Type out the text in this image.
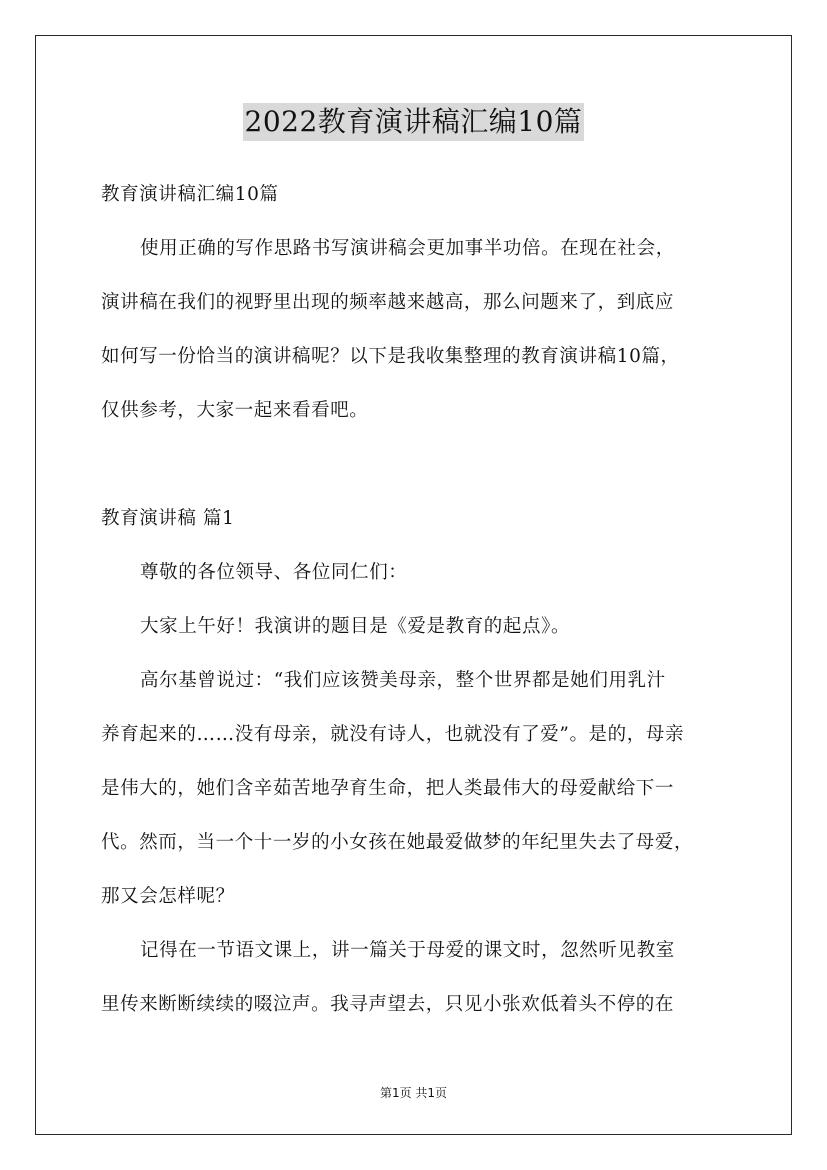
2022教育演讲稿汇编10篇
教育演讲稿汇编10篇
使用正确的写作思路书写演讲稿会更加事半功倍。在现在社会，
演讲稿在我们的视野里出现的频率越来越高，那么问题来了，到底应
如何写一份恰当的演讲稿呢？以下是我收集整理的教育演讲稿10篇，
仅供参考，大家一起来看看吧。
教育演讲稿 篇1
尊敬的各位领导、各位同仁们：
大家上午好！我演讲的题目是《爱是教育的起点》。
高尔基曾说过：“我们应该赞美母亲，整个世界都是她们用乳汁
养育起来的……没有母亲，就没有诗人，也就没有了爱”。是的，母亲
是伟大的，她们含辛茹苦地孕育生命，把人类最伟大的母爱献给下一
代。然而，当一个十一岁的小女孩在她最爱做梦的年纪里失去了母爱，
那又会怎样呢？
记得在一节语文课上，讲一篇关于母爱的课文时，忽然听见教室
里传来断断续续的啜泣声。我寻声望去，只见小张欢低着头不停的在
第1页 共1页
